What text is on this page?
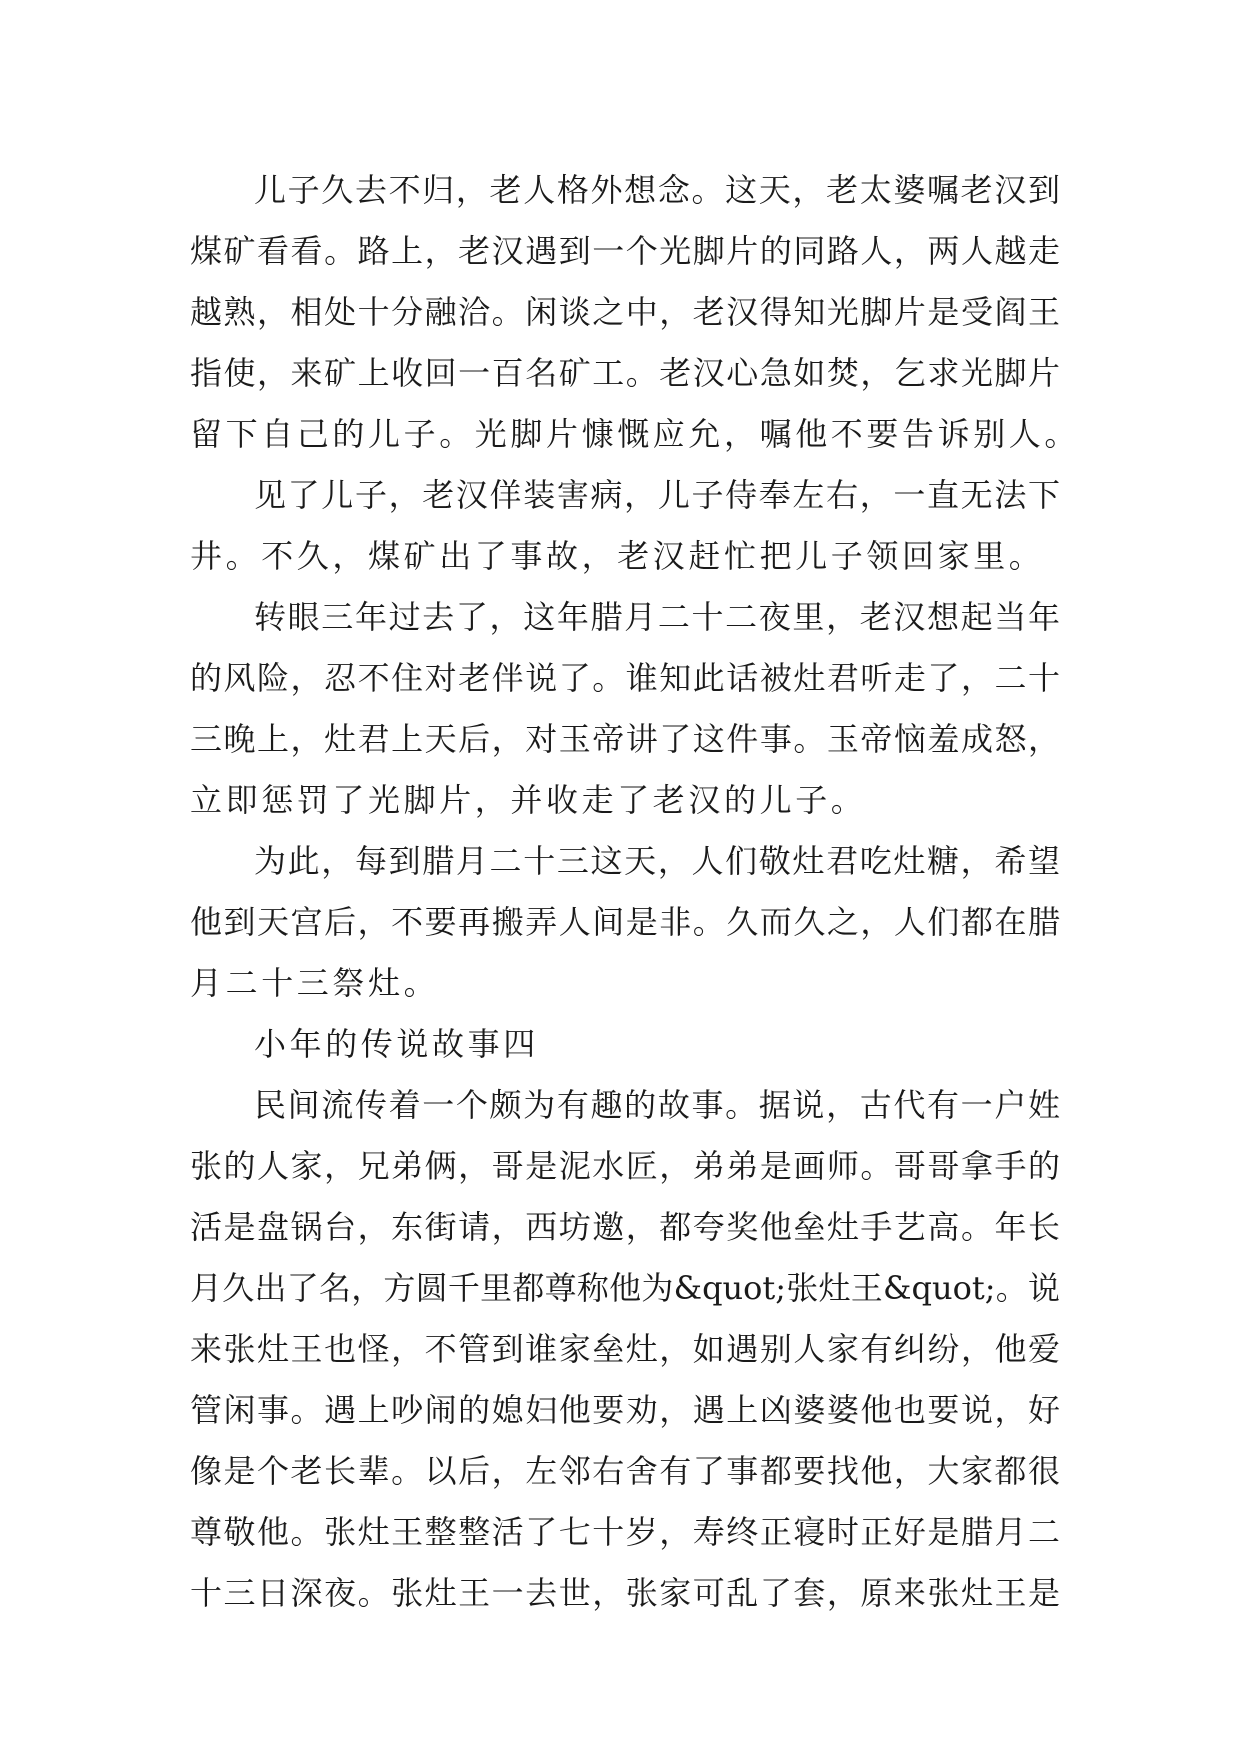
儿子久去不归，老人格外想念。这天，老太婆嘱老汉到
煤矿看看。路上，老汉遇到一个光脚片的同路人，两人越走
越熟，相处十分融洽。闲谈之中，老汉得知光脚片是受阎王
指使，来矿上收回一百名矿工。老汉心急如焚，乞求光脚片
留下自己的儿子。光脚片慷慨应允，嘱他不要告诉别人。
见了儿子，老汉佯装害病，儿子侍奉左右，一直无法下
井。不久，煤矿出了事故，老汉赶忙把儿子领回家里。
转眼三年过去了，这年腊月二十二夜里，老汉想起当年
的风险，忍不住对老伴说了。谁知此话被灶君听走了，二十
三晚上，灶君上天后，对玉帝讲了这件事。玉帝恼羞成怒，
立即惩罚了光脚片，并收走了老汉的儿子。
为此，每到腊月二十三这天，人们敬灶君吃灶糖，希望
他到天宫后，不要再搬弄人间是非。久而久之，人们都在腊
月二十三祭灶。
小年的传说故事四
民间流传着一个颇为有趣的故事。据说，古代有一户姓
张的人家，兄弟俩，哥是泥水匠，弟弟是画师。哥哥拿手的
活是盘锅台，东街请，西坊邀，都夸奖他垒灶手艺高。年长
月久出了名，方圆千里都尊称他为&quot;张灶王&quot;。说
来张灶王也怪，不管到谁家垒灶，如遇别人家有纠纷，他爱
管闲事。遇上吵闹的媳妇他要劝，遇上凶婆婆他也要说，好
像是个老长辈。以后，左邻右舍有了事都要找他，大家都很
尊敬他。张灶王整整活了七十岁，寿终正寝时正好是腊月二
十三日深夜。张灶王一去世，张家可乱了套，原来张灶王是
